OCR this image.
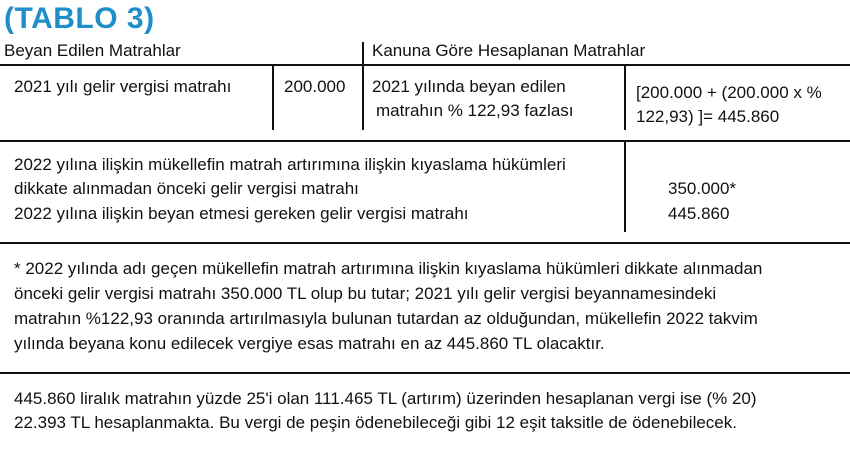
(TABLO 3)
Beyan Edilen Matrahlar	Kanuna Göre Hesaplanan Matrahlar
2021 yılı gelir vergisi matrahı	200.000 2021 yılında beyan edilen
matrahın % 122,93 fazlası
[200.000 + (200.000 x %
122,93) ]= 445.860
2022 yılına ilişkin mükellefin matrah artırımına ilişkin kıyaslama hükümleri
dikkate alınmadan önceki gelir vergisi matrahı
2022 yılına ilişkin beyan etmesi gereken gelir vergisi matrahı
350.000*
445.860
* 2022 yılında adı geçen mükellefin matrah artırımına ilişkin kıyaslama hükümleri dikkate alınmadan
önceki gelir vergisi matrahı 350.000 TL olup bu tutar; 2021 yılı gelir vergisi beyannamesindeki
matrahın %122,93 oranında artırılmasıyla bulunan tutardan az olduğundan, mükellefin 2022 takvim
yılında beyana konu edilecek vergiye esas matrahı en az 445.860 TL olacaktır.
445.860 liralık matrahın yüzde 25'i olan 111.465 TL (artırım) üzerinden hesaplanan vergi ise (% 20)
22.393 TL hesaplanmakta. Bu vergi de peşin ödenebileceği gibi 12 eşit taksitle de ödenebilecek.
